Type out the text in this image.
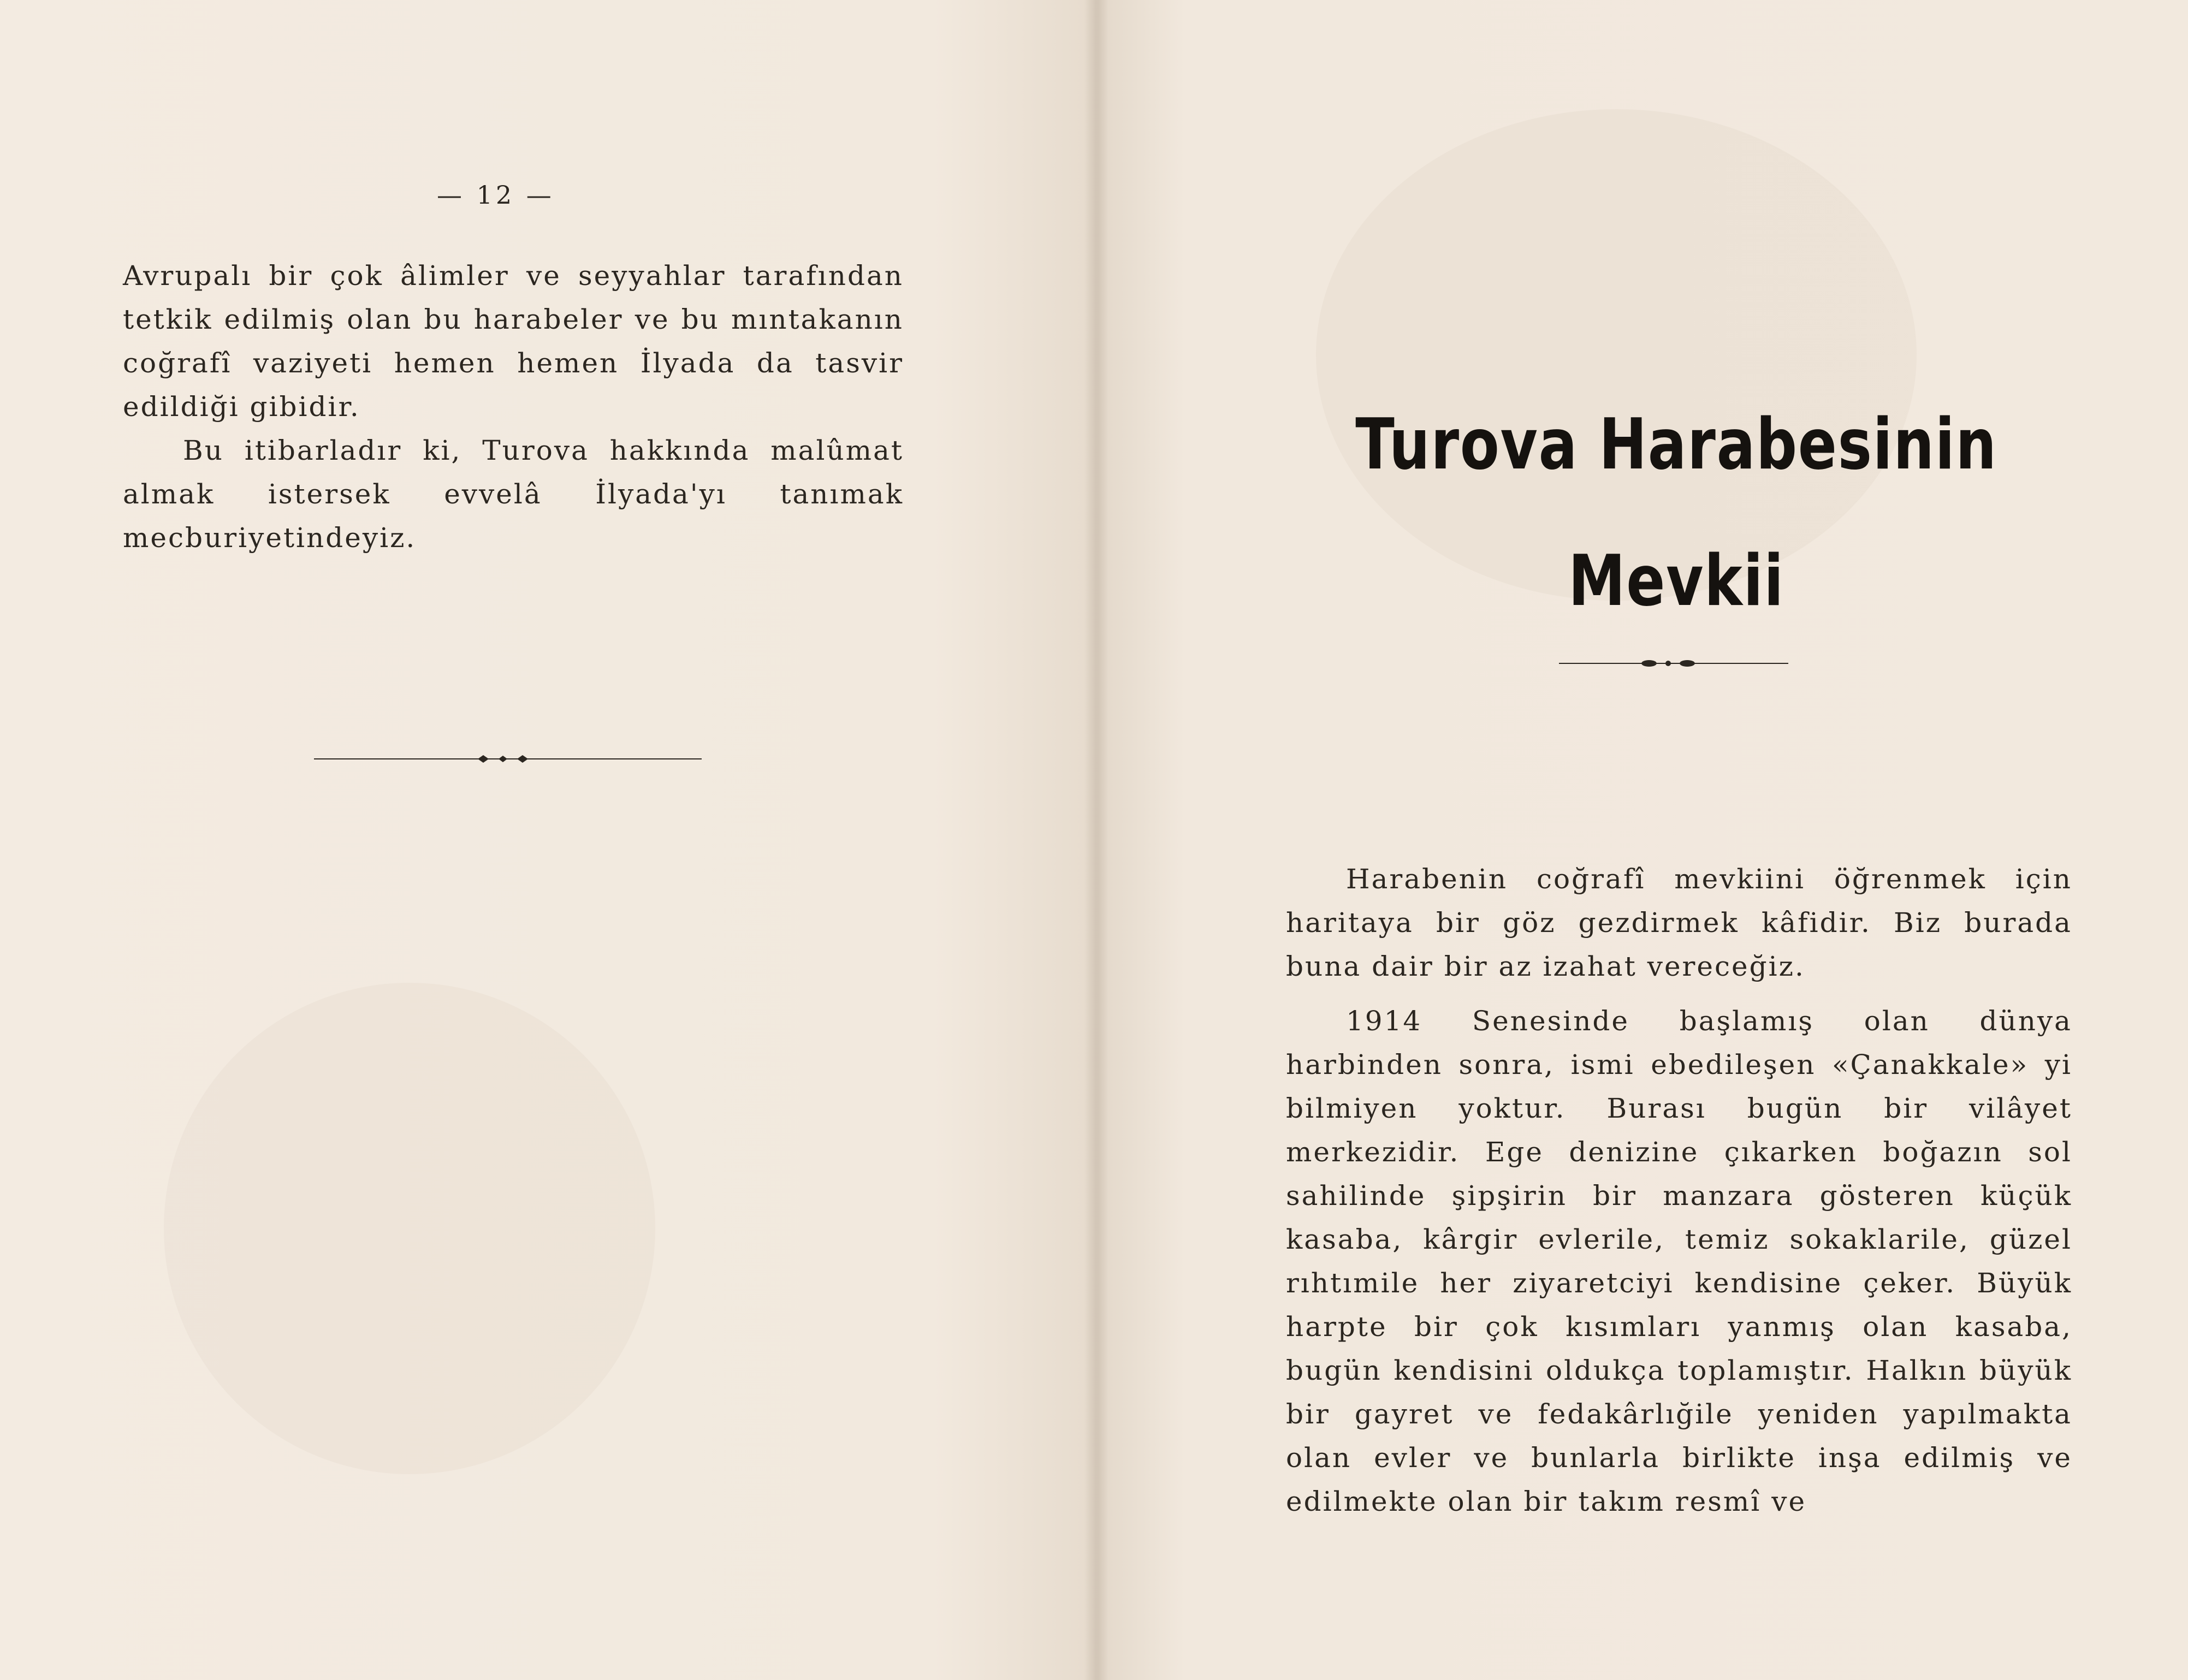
— 12 —

Avrupalı bir çok âlimler ve seyyahlar tarafından tetkik edilmiş olan bu harabeler ve bu mıntakanın coğrafî vaziyeti hemen hemen İlyada da tasvir edildiği gibidir.

Bu itibarladır ki, Turova hakkında malûmat almak istersek evvelâ İlyada'yı tanımak mecburiyetindeyiz.

Turova Harabesinin
Mevkii

Harabenin coğrafî mevkiini öğrenmek için haritaya bir göz gezdirmek kâfidir. Biz burada buna dair bir az izahat vereceğiz.

1914 Senesinde başlamış olan dünya harbinden sonra, ismi ebedileşen «Çanakkale» yi bilmiyen yoktur. Burası bugün bir vilâyet merkezidir. Ege denizine çıkarken boğazın sol sahilinde şipşirin bir manzara gösteren küçük kasaba, kârgir evlerile, temiz sokaklarile, güzel rıhtımile her ziyaretciyi kendisine çeker. Büyük harpte bir çok kısımları yanmış olan kasaba, bugün kendisini oldukça toplamıştır. Halkın büyük bir gayret ve fedakârlığile yeniden yapılmakta olan evler ve bunlarla birlikte inşa edilmiş ve edilmekte olan bir takım resmî ve
